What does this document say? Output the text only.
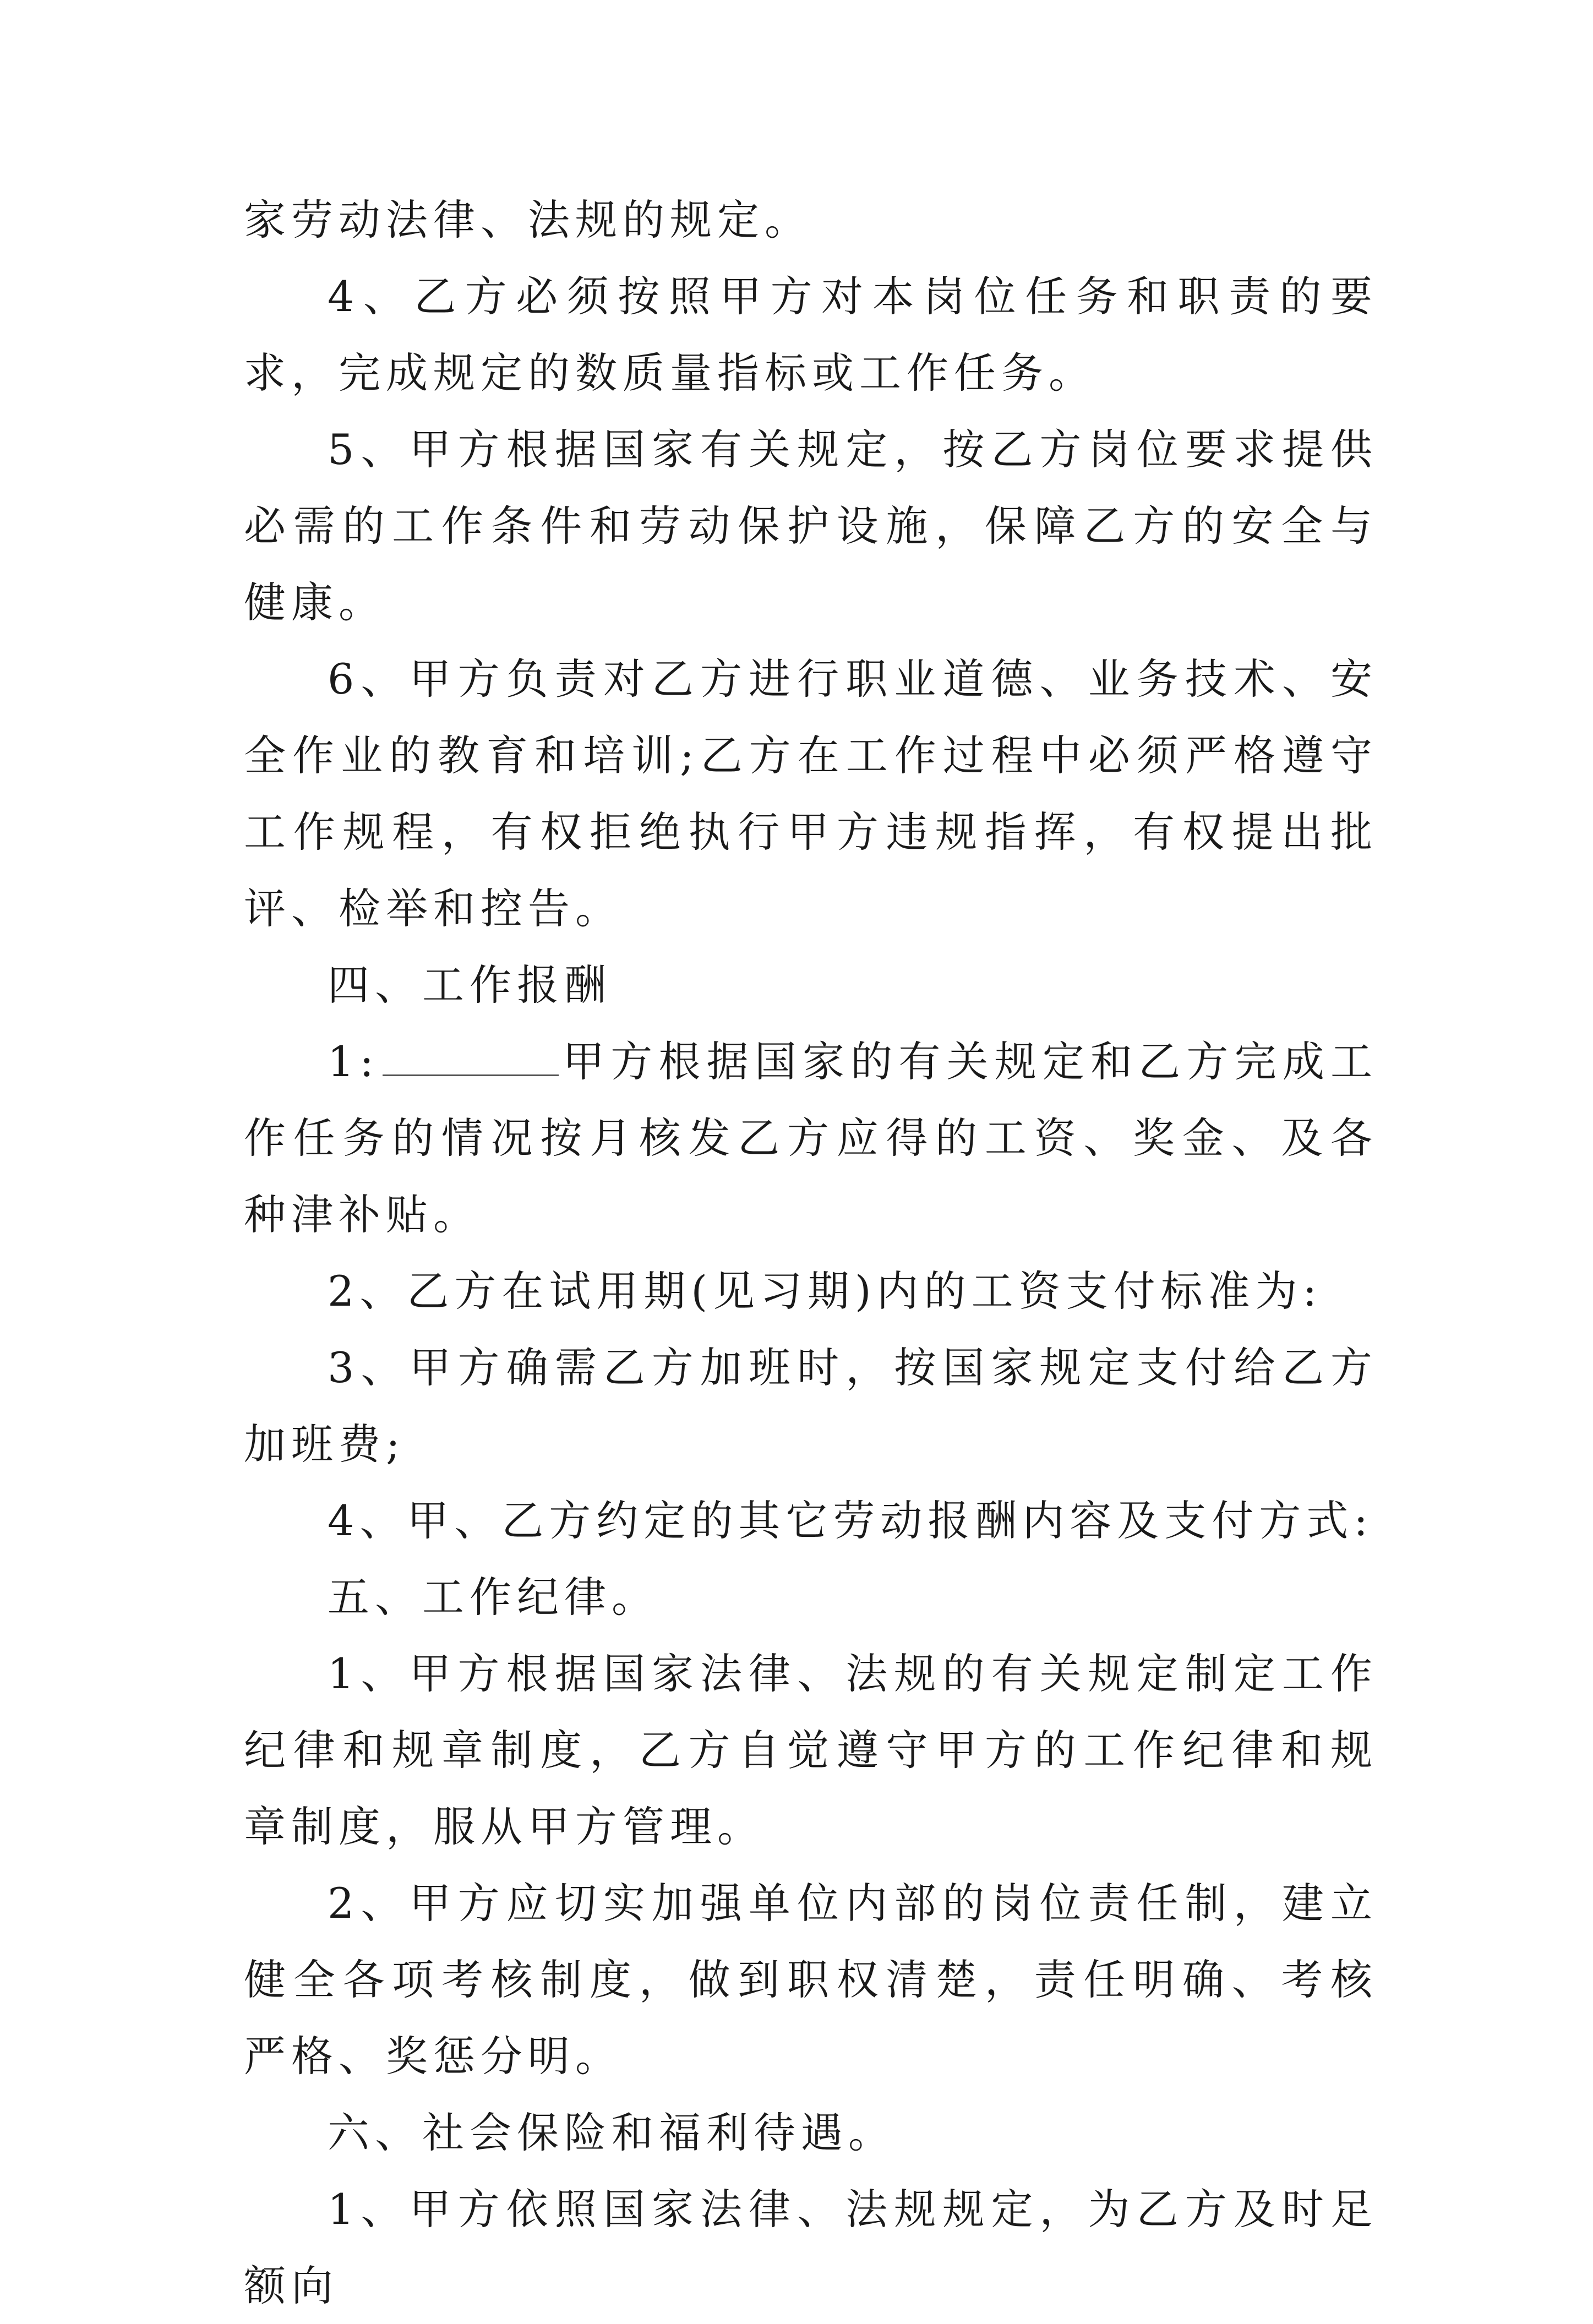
家劳动法律、法规的规定。

4、乙方必须按照甲方对本岗位任务和职责的要求，完成规定的数质量指标或工作任务。

5、甲方根据国家有关规定，按乙方岗位要求提供必需的工作条件和劳动保护设施，保障乙方的安全与健康。

6、甲方负责对乙方进行职业道德、业务技术、安全作业的教育和培训;乙方在工作过程中必须严格遵守工作规程，有权拒绝执行甲方违规指挥，有权提出批评、检举和控告。

四、工作报酬

1:	甲方根据国家的有关规定和乙方完成工作任务的情况按月核发乙方应得的工资、奖金、及各种津补贴。

2、乙方在试用期(见习期)内的工资支付标准为:

3、甲方确需乙方加班时，按国家规定支付给乙方加班费;

4、甲、乙方约定的其它劳动报酬内容及支付方式:

五、工作纪律。

1、甲方根据国家法律、法规的有关规定制定工作纪律和规章制度，乙方自觉遵守甲方的工作纪律和规章制度，服从甲方管理。

2、甲方应切实加强单位内部的岗位责任制，建立健全各项考核制度，做到职权清楚，责任明确、考核严格、奖惩分明。

六、社会保险和福利待遇。

1、甲方依照国家法律、法规规定，为乙方及时足额向
